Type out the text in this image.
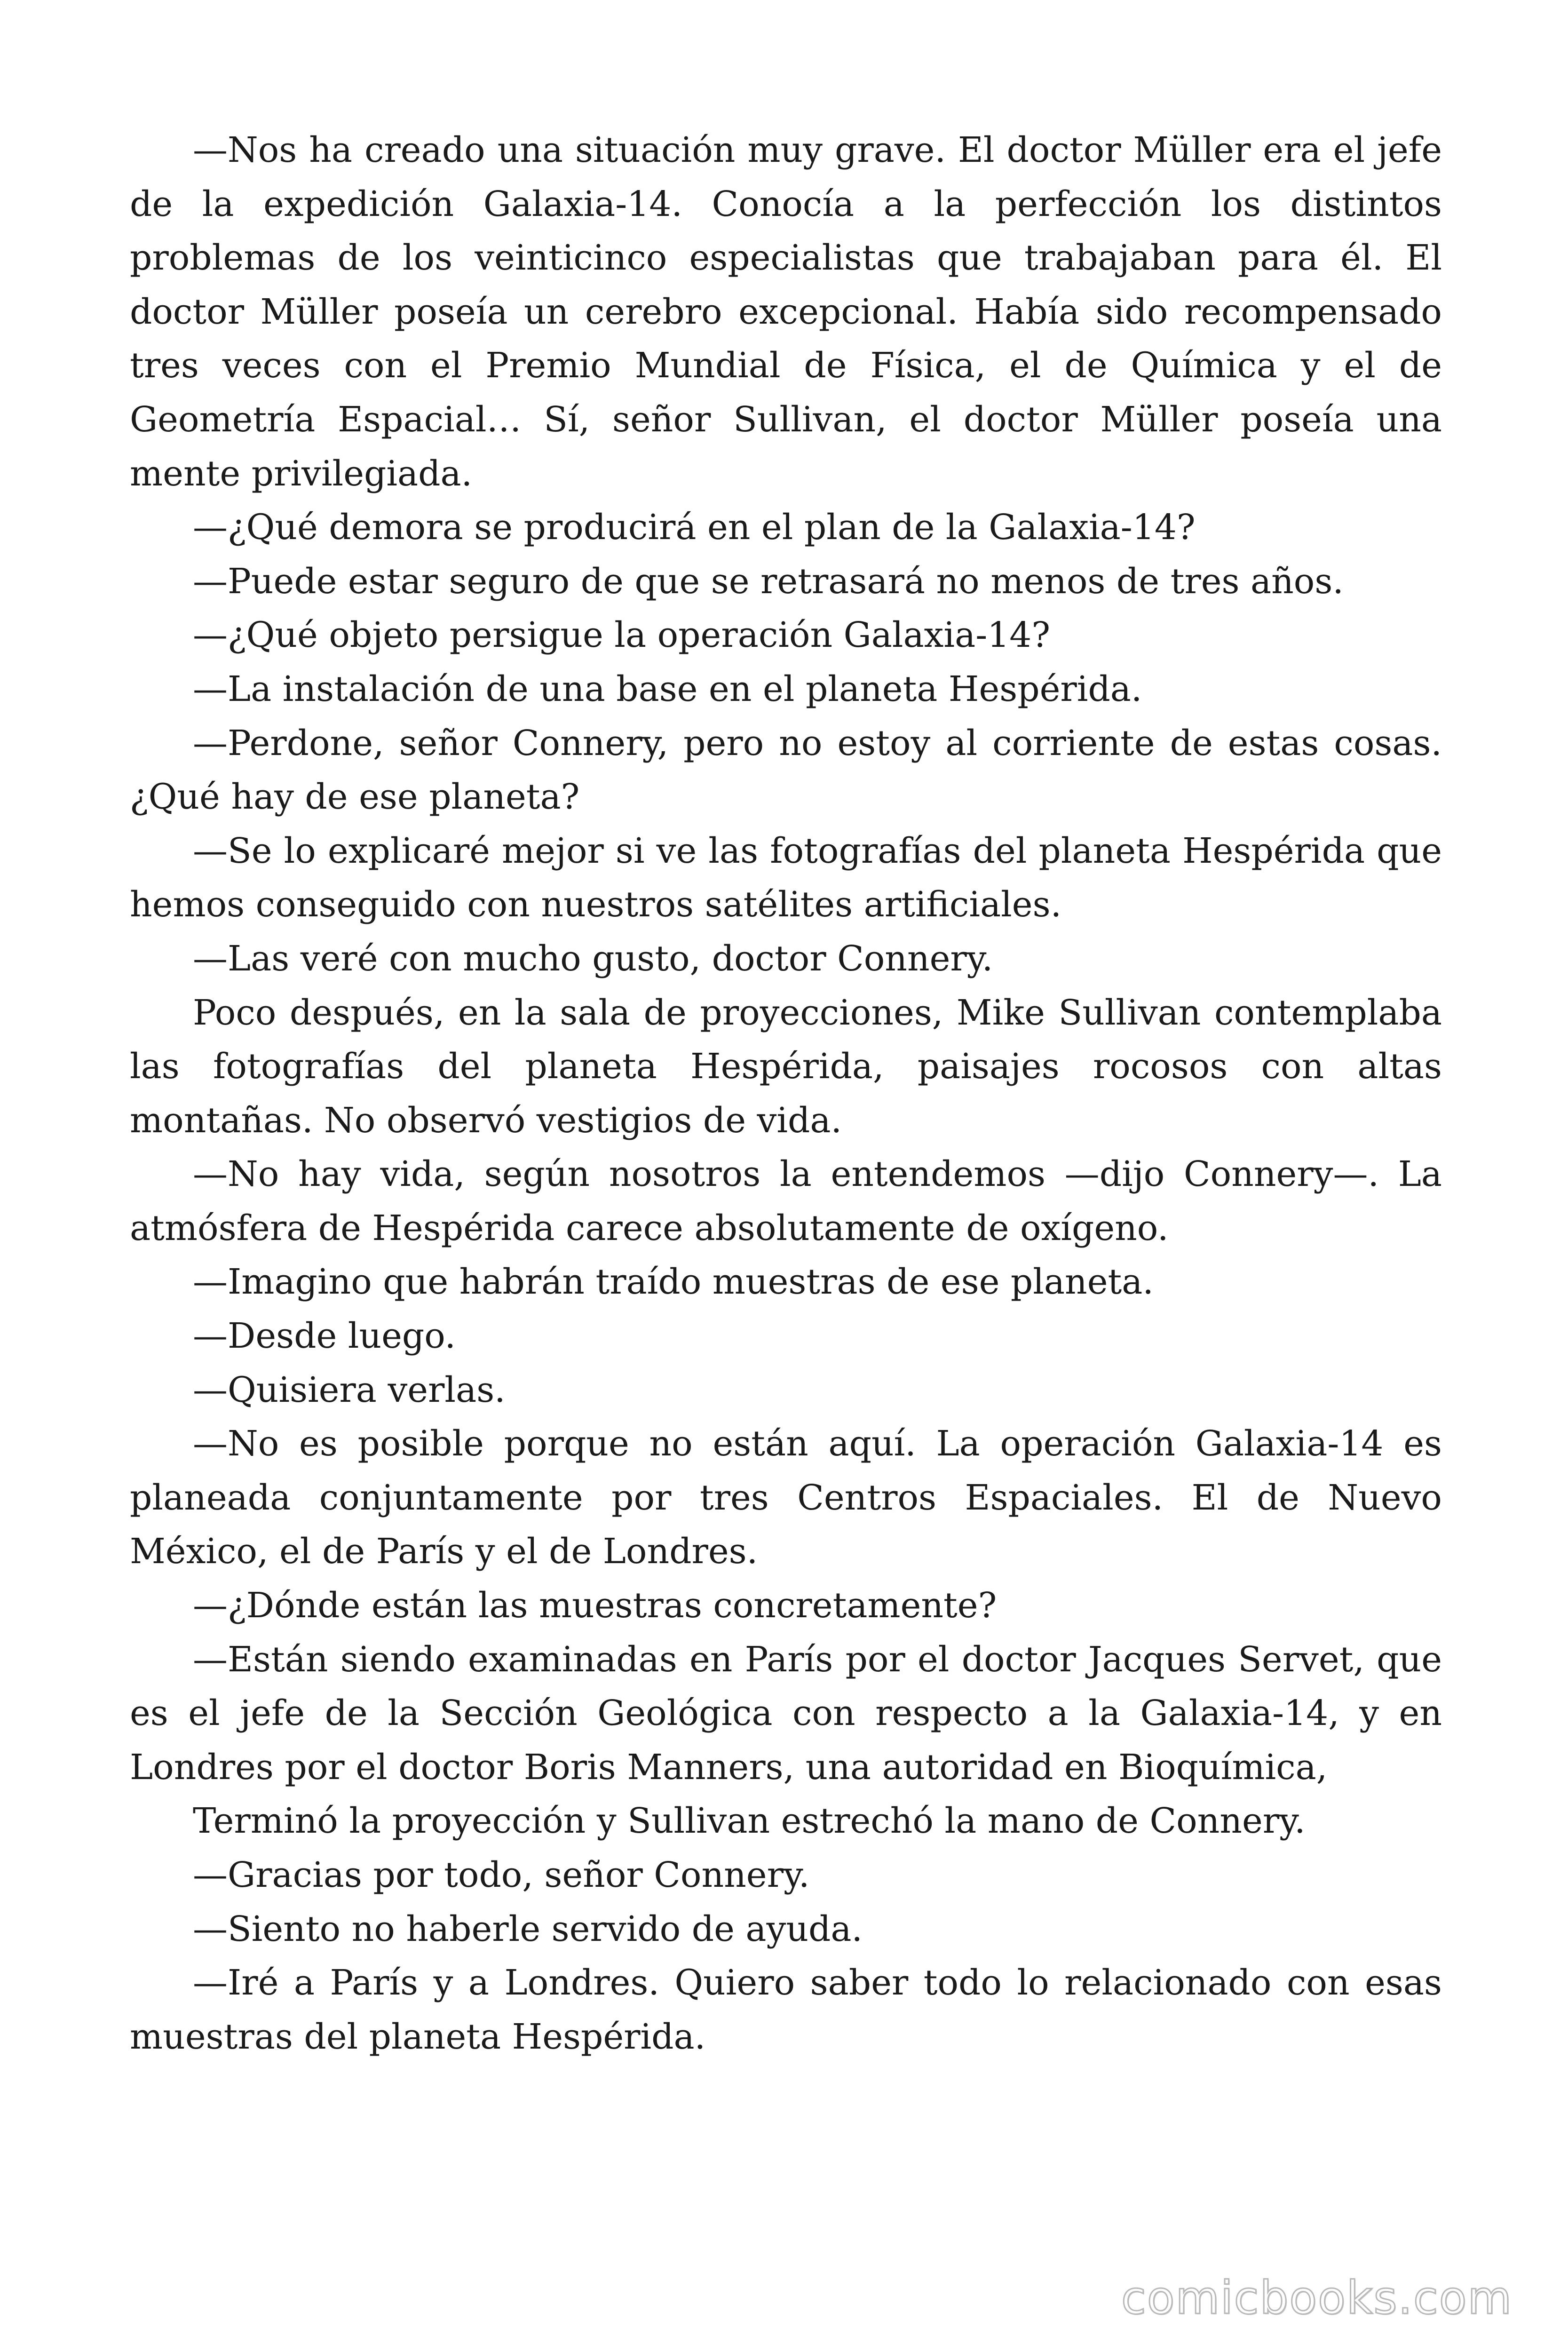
—Nos ha creado una situación muy grave. El doctor Müller era el jefe de la expedición Galaxia-14. Conocía a la perfección los distintos problemas de los veinticinco especialistas que trabajaban para él. El doctor Müller poseía un cerebro excepcional. Había sido recompensado tres veces con el Premio Mundial de Física, el de Química y el de Geometría Espacial… Sí, señor Sullivan, el doctor Müller poseía una mente privilegiada.

—¿Qué demora se producirá en el plan de la Galaxia-14?

—Puede estar seguro de que se retrasará no menos de tres años.

—¿Qué objeto persigue la operación Galaxia-14?

—La instalación de una base en el planeta Hespérida.

—Perdone, señor Connery, pero no estoy al corriente de estas cosas. ¿Qué hay de ese planeta?

—Se lo explicaré mejor si ve las fotografías del planeta Hespérida que hemos conseguido con nuestros satélites artificiales.

—Las veré con mucho gusto, doctor Connery.

Poco después, en la sala de proyecciones, Mike Sullivan contemplaba las fotografías del planeta Hespérida, paisajes rocosos con altas montañas. No observó vestigios de vida.

—No hay vida, según nosotros la entendemos —dijo Connery—. La atmósfera de Hespérida carece absolutamente de oxígeno.

—Imagino que habrán traído muestras de ese planeta.

—Desde luego.

—Quisiera verlas.

—No es posible porque no están aquí. La operación Galaxia-14 es planeada conjuntamente por tres Centros Espaciales. El de Nuevo México, el de París y el de Londres.

—¿Dónde están las muestras concretamente?

—Están siendo examinadas en París por el doctor Jacques Servet, que es el jefe de la Sección Geológica con respecto a la Galaxia-14, y en Londres por el doctor Boris Manners, una autoridad en Bioquímica,

Terminó la proyección y Sullivan estrechó la mano de Connery.

—Gracias por todo, señor Connery.

—Siento no haberle servido de ayuda.

—Iré a París y a Londres. Quiero saber todo lo relacionado con esas muestras del planeta Hespérida.

comicbooks.com
